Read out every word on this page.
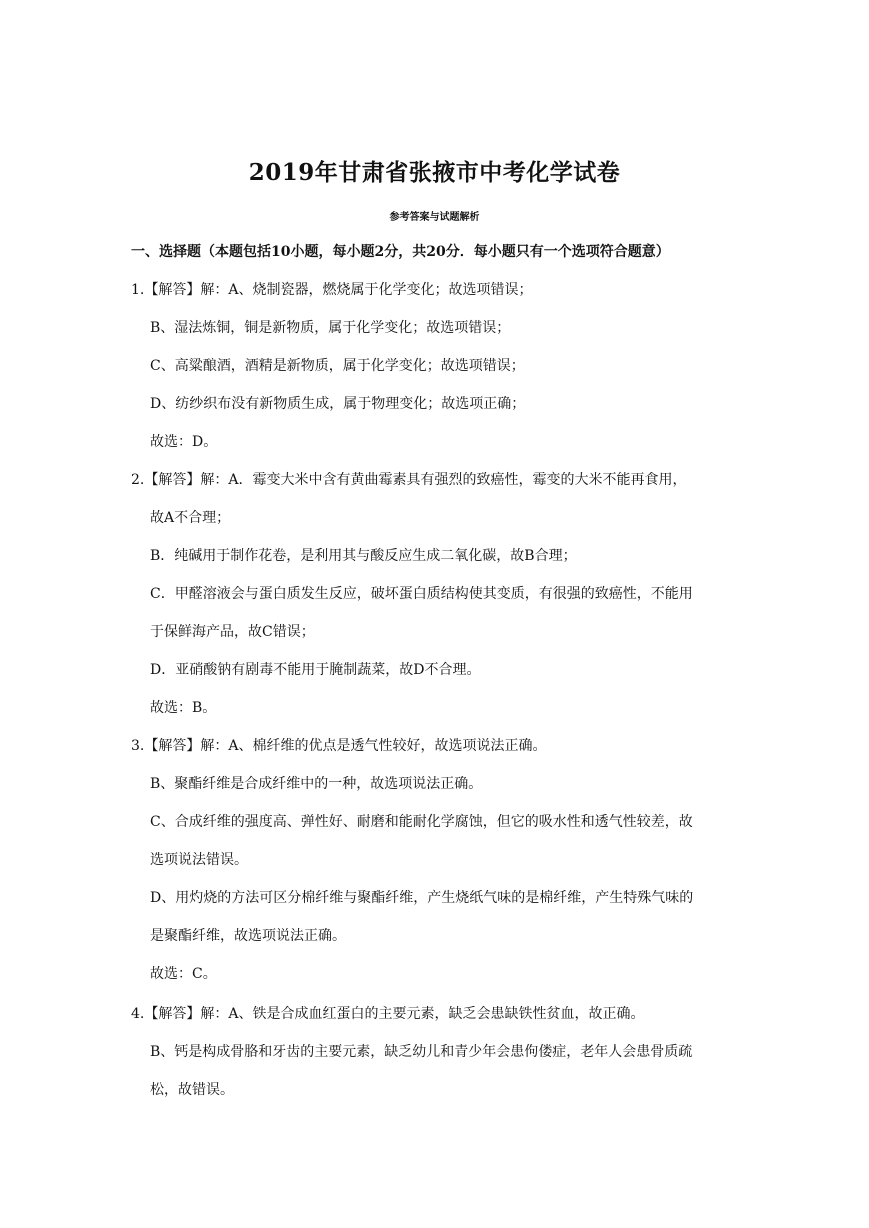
2019年甘肃省张掖市中考化学试卷
参考答案与试题解析
一、选择题（本题包括10小题，每小题2分，共20分．每小题只有一个选项符合题意）
1.【解答】解：A、烧制瓷器，燃烧属于化学变化；故选项错误；
B、湿法炼铜，铜是新物质，属于化学变化；故选项错误；
C、高粱酿酒，酒精是新物质，属于化学变化；故选项错误；
D、纺纱织布没有新物质生成，属于物理变化；故选项正确；
故选：D。
2.【解答】解：A．霉变大米中含有黄曲霉素具有强烈的致癌性，霉变的大米不能再食用，
故A不合理；
B．纯碱用于制作花卷，是利用其与酸反应生成二氧化碳，故B合理；
C．甲醛溶液会与蛋白质发生反应，破坏蛋白质结构使其变质，有很强的致癌性，不能用
于保鲜海产品，故C错误；
D．亚硝酸钠有剧毒不能用于腌制蔬菜，故D不合理。
故选：B。
3.【解答】解：A、棉纤维的优点是透气性较好，故选项说法正确。
B、聚酯纤维是合成纤维中的一种，故选项说法正确。
C、合成纤维的强度高、弹性好、耐磨和能耐化学腐蚀，但它的吸水性和透气性较差，故
选项说法错误。
D、用灼烧的方法可区分棉纤维与聚酯纤维，产生烧纸气味的是棉纤维，产生特殊气味的
是聚酯纤维，故选项说法正确。
故选：C。
4.【解答】解：A、铁是合成血红蛋白的主要元素，缺乏会患缺铁性贫血，故正确。
B、钙是构成骨胳和牙齿的主要元素，缺乏幼儿和青少年会患佝偻症，老年人会患骨质疏
松，故错误。
